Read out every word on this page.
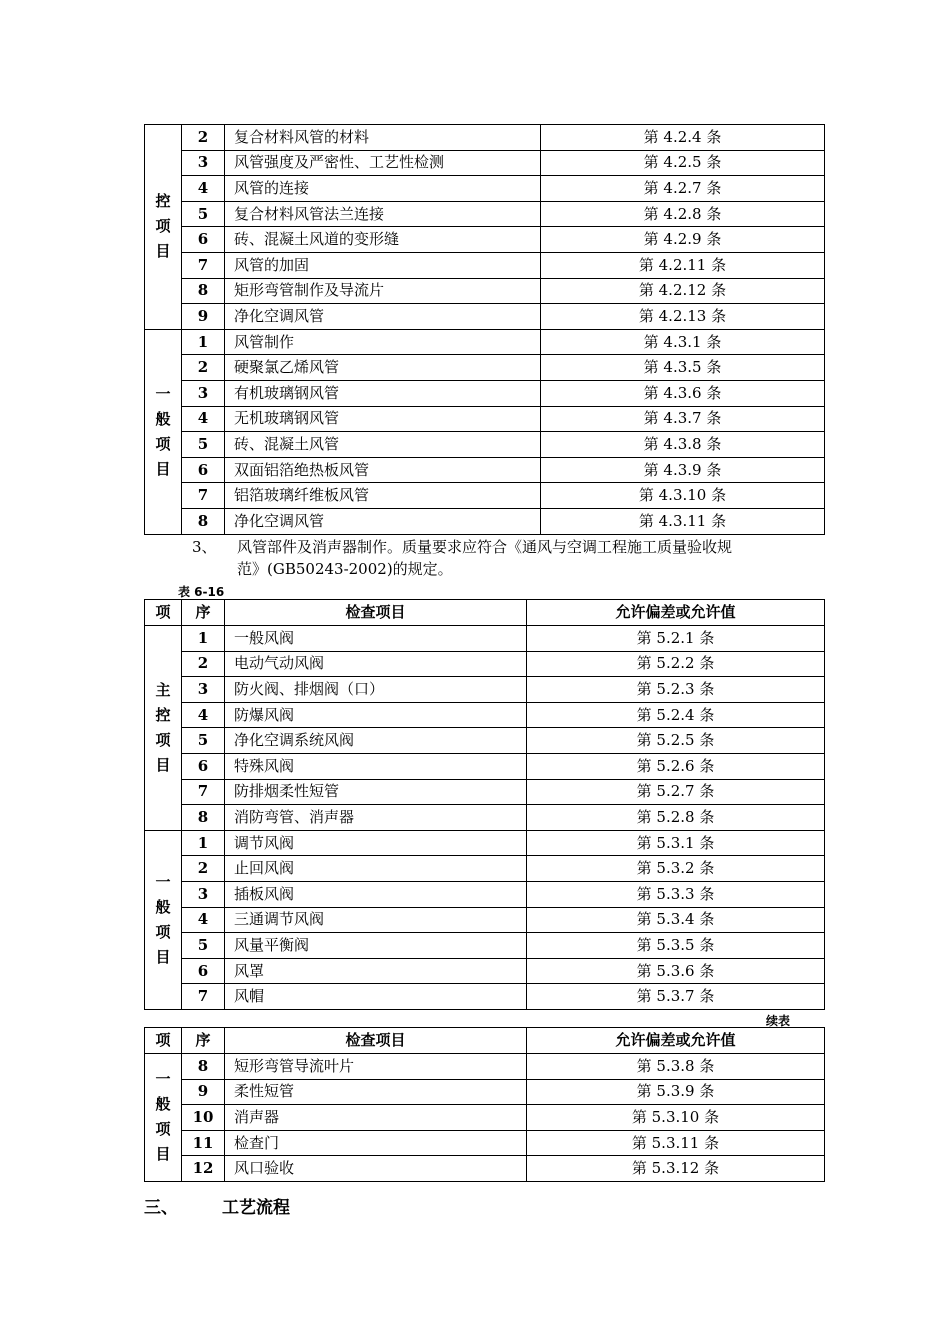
控
项
目	2	复合材料风管的材料	第 4.2.4 条
	3	风管强度及严密性、工艺性检测	第 4.2.5 条
	4	风管的连接	第 4.2.7 条
	5	复合材料风管法兰连接	第 4.2.8 条
	6	砖、混凝土风道的变形缝	第 4.2.9 条
	7	风管的加固	第 4.2.11 条
	8	矩形弯管制作及导流片	第 4.2.12 条
	9	净化空调风管	第 4.2.13 条

一
般
项
目	1	风管制作	第 4.3.1 条
	2	硬聚氯乙烯风管	第 4.3.5 条
	3	有机玻璃钢风管	第 4.3.6 条
	4	无机玻璃钢风管	第 4.3.7 条
	5	砖、混凝土风管	第 4.3.8 条
	6	双面铝箔绝热板风管	第 4.3.9 条
	7	铝箔玻璃纤维板风管	第 4.3.10 条
	8	净化空调风管	第 4.3.11 条
3、 风管部件及消声器制作。质量要求应符合《通风与空调工程施工质量验收规
范》(GB50243-2002)的规定。
表 6-16
项	序	检查项目	允许偏差或允许值

主
控
项
目	1	一般风阀	第 5.2.1 条
	2	电动气动风阀	第 5.2.2 条
	3	防火阀、排烟阀（口）	第 5.2.3 条
	4	防爆风阀	第 5.2.4 条
	5	净化空调系统风阀	第 5.2.5 条
	6	特殊风阀	第 5.2.6 条
	7	防排烟柔性短管	第 5.2.7 条
	8	消防弯管、消声器	第 5.2.8 条

一
般
项
目	1	调节风阀	第 5.3.1 条
	2	止回风阀	第 5.3.2 条
	3	插板风阀	第 5.3.3 条
	4	三通调节风阀	第 5.3.4 条
	5	风量平衡阀	第 5.3.5 条
	6	风罩	第 5.3.6 条
	7	风帽	第 5.3.7 条
续表
项	序	检查项目	允许偏差或允许值

一
般
项
目	8	短形弯管导流叶片	第 5.3.8 条
	9	柔性短管	第 5.3.9 条
	10	消声器	第 5.3.10 条
	11	检查门	第 5.3.11 条
	12	风口验收	第 5.3.12 条
三、	工艺流程
